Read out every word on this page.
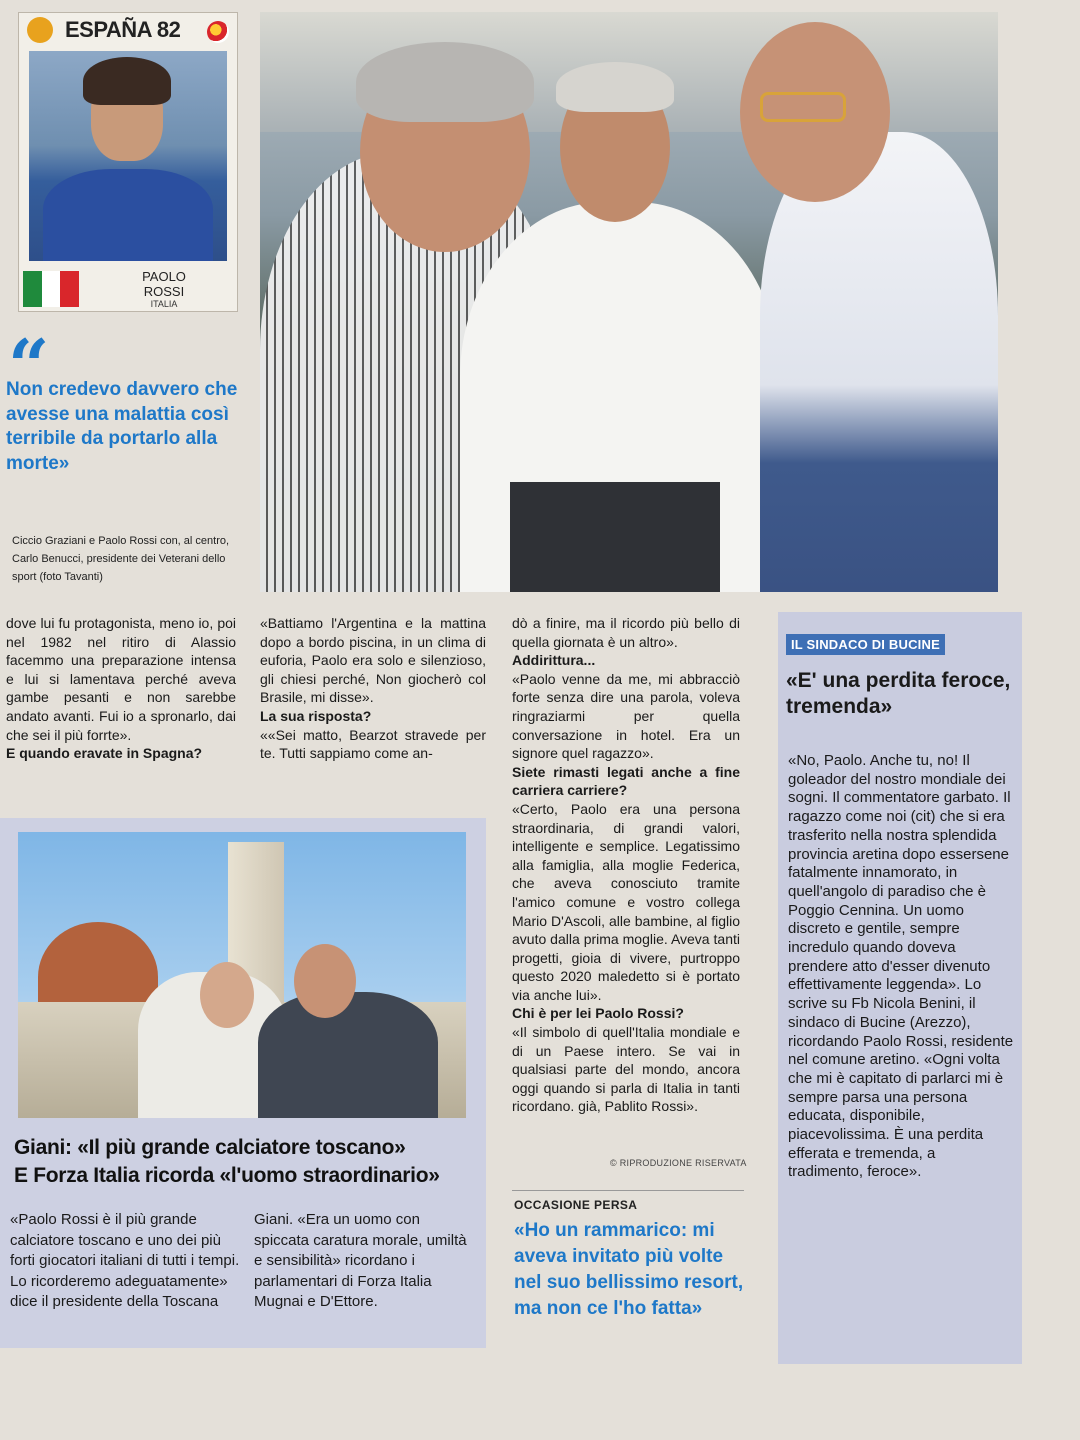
ESPAÑA 82
PAOLO
ROSSI
ITALIA
“
Non credevo davvero che avesse una malattia così terribile da portarlo alla morte»
Ciccio Graziani e Paolo Rossi con, al centro, Carlo Benucci, presidente dei Veterani dello sport (foto Tavanti)
dove lui fu protagonista, meno io, poi nel 1982 nel ritiro di Alassio facemmo una preparazione intensa e lui si lamentava perché aveva gambe pesanti e non sarebbe andato avanti. Fui io a spronarlo, dai che sei il più forrte».
E quando eravate in Spagna?
«Battiamo l'Argentina e la mattina dopo a bordo piscina, in un clima di euforia, Paolo era solo e silenzioso, gli chiesi perché, Non giocherò col Brasile, mi disse».
La sua risposta?
««Sei matto, Bearzot stravede per te. Tutti sappiamo come an-
dò a finire, ma il ricordo più bello di quella giornata è un altro».
Addirittura...
«Paolo venne da me, mi abbracciò forte senza dire una parola, voleva ringraziarmi per quella conversazione in hotel. Era un signore quel ragazzo».
Siete rimasti legati anche a fine carriera carriere?
«Certo, Paolo era una persona straordinaria, di grandi valori, intelligente e semplice. Legatissimo alla famiglia, alla moglie Federica, che aveva conosciuto tramite l'amico comune e vostro collega Mario D'Ascoli, alle bambine, al figlio avuto dalla prima moglie. Aveva tanti progetti, gioia di vivere, purtroppo questo 2020 maledetto si è portato via anche lui».
Chi è per lei Paolo Rossi?
«Il simbolo di quell'Italia mondiale e di un Paese intero. Se vai in qualsiasi parte del mondo, ancora oggi quando si parla di Italia in tanti ricordano. già, Pablito Rossi».
© RIPRODUZIONE RISERVATA
OCCASIONE PERSA
«Ho un rammarico: mi aveva invitato più volte nel suo bellissimo resort, ma non ce l'ho fatta»
IL SINDACO DI BUCINE
«E' una perdita feroce, tremenda»
«No, Paolo. Anche tu, no! Il goleador del nostro mondiale dei sogni. Il commentatore garbato. Il ragazzo come noi (cit) che si era trasferito nella nostra splendida provincia aretina dopo essersene fatalmente innamorato, in quell'angolo di paradiso che è Poggio Cennina. Un uomo discreto e gentile, sempre incredulo quando doveva prendere atto d'esser divenuto effettivamente leggenda». Lo scrive su Fb Nicola Benini, il sindaco di Bucine (Arezzo), ricordando Paolo Rossi, residente nel comune aretino. «Ogni volta che mi è capitato di parlarci mi è sempre parsa una persona educata, disponibile, piacevolissima. È una perdita efferata e tremenda, a tradimento, feroce».
Giani: «Il più grande calciatore toscano»
E Forza Italia ricorda «l'uomo straordinario»
«Paolo Rossi è il più grande calciatore toscano e uno dei più forti giocatori italiani di tutti i tempi. Lo ricorderemo adeguatamente» dice il presidente della Toscana
Giani. «Era un uomo con spiccata caratura morale, umiltà e sensibilità» ricordano i parlamentari di Forza Italia Mugnai e D'Ettore.
